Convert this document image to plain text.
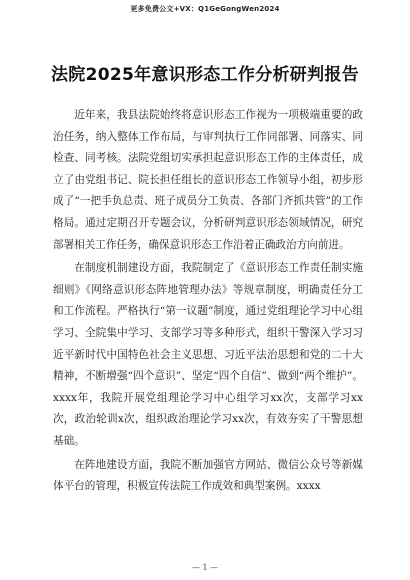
更多免费公文+VX：Q1GeGongWen2024
法院2025年意识形态工作分析研判报告

近年来，我县法院始终将意识形态工作视为一项极端重要的政治任务，纳入整体工作布局，与审判执行工作同部署、同落实、同检查、同考核。法院党组切实承担起意识形态工作的主体责任，成立了由党组书记、院长担任组长的意识形态工作领导小组，初步形成了“一把手负总责、班子成员分工负责、各部门齐抓共管”的工作格局。通过定期召开专题会议，分析研判意识形态领域情况，研究部署相关工作任务，确保意识形态工作沿着正确政治方向前进。

在制度机制建设方面，我院制定了《意识形态工作责任制实施细则》《网络意识形态阵地管理办法》等规章制度，明确责任分工和工作流程。严格执行“第一议题”制度，通过党组理论学习中心组学习、全院集中学习、支部学习等多种形式，组织干警深入学习习近平新时代中国特色社会主义思想、习近平法治思想和党的二十大精神，不断增强“四个意识”、坚定“四个自信”、做到“两个维护”。xxxx年，我院开展党组理论学习中心组学习xx次，支部学习xx次，政治轮训x次，组织政治理论学习xx次，有效夯实了干警思想基础。

在阵地建设方面，我院不断加强官方网站、微信公众号等新媒体平台的管理，积极宣传法院工作成效和典型案例。xxxx

— 1 —
